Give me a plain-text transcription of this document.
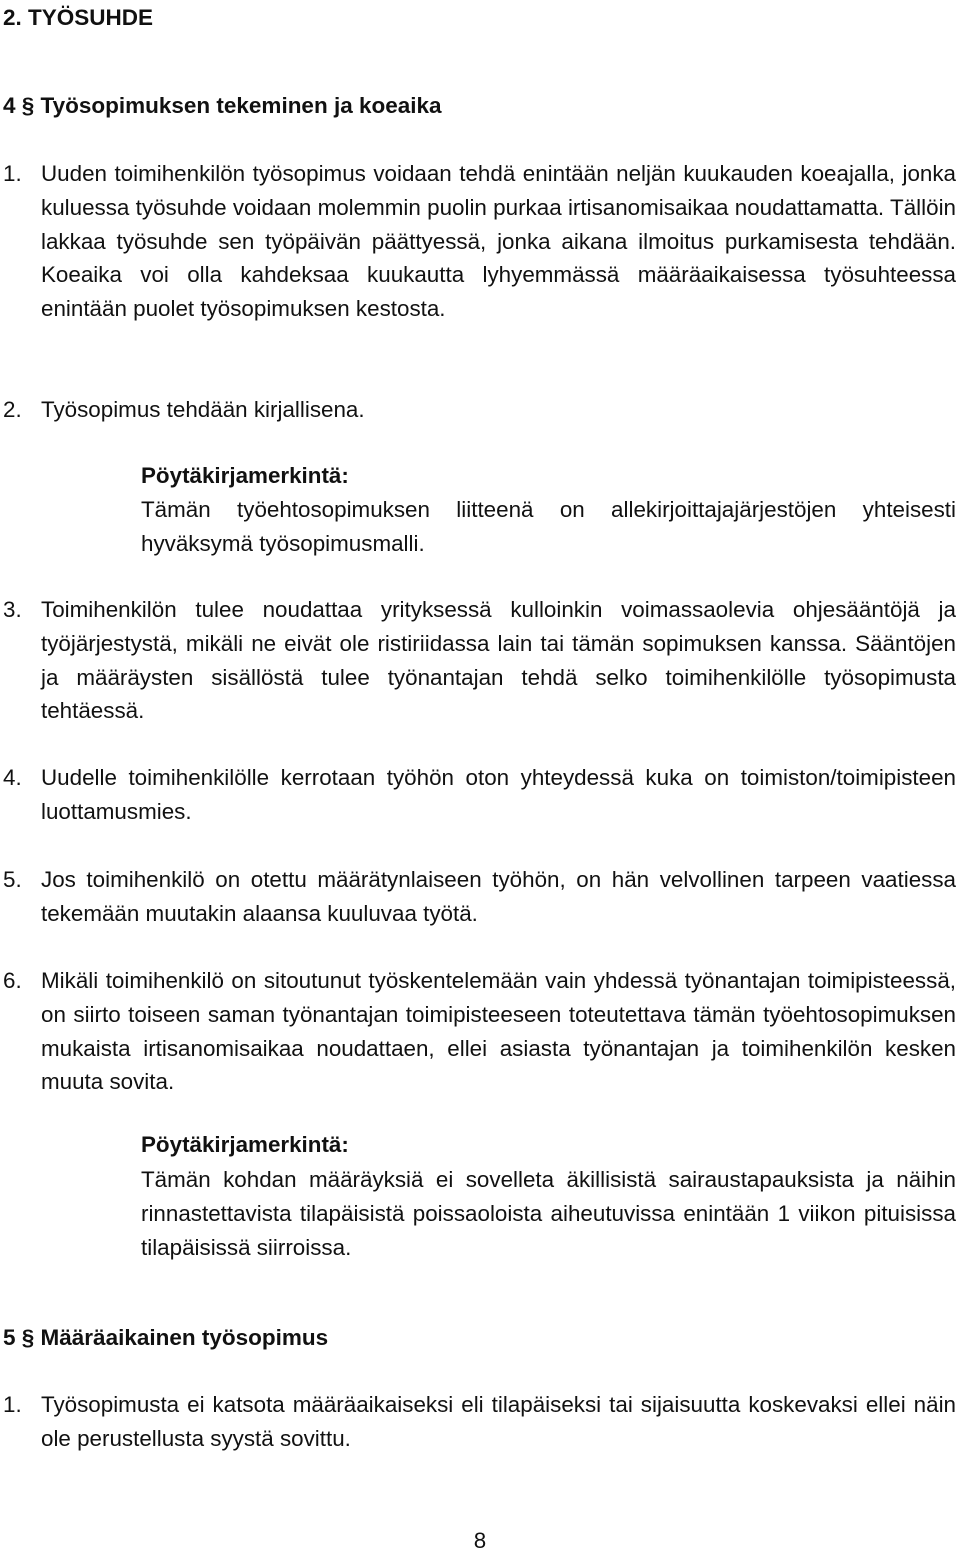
2. TYÖSUHDE
4 § Työsopimuksen tekeminen ja koeaika
1. Uuden toimihenkilön työsopimus voidaan tehdä enintään neljän kuukauden koeajalla, jonka kuluessa työsuhde voidaan molemmin puolin purkaa irtisanomisaikaa noudattamatta. Tällöin lakkaa työsuhde sen työpäivän päättyessä, jonka aikana ilmoitus purkamisesta tehdään. Koeaika voi olla kahdeksaa kuukautta lyhyemmässä määräaikaisessa työsuhteessa enintään puolet työsopimuksen kestosta.
2. Työsopimus tehdään kirjallisena.
Pöytäkirjamerkintä:
Tämän työehtosopimuksen liitteenä on allekirjoittajajärjestöjen yhteisesti hyväksymä työsopimusmalli.
3. Toimihenkilön tulee noudattaa yrityksessä kulloinkin voimassaolevia ohjesääntöjä ja työjärjestystä, mikäli ne eivät ole ristiriidassa lain tai tämän sopimuksen kanssa. Sääntöjen ja määräysten sisällöstä tulee työnantajan tehdä selko toimihenkilölle työsopimusta tehtäessä.
4. Uudelle toimihenkilölle kerrotaan työhön oton yhteydessä kuka on toimiston/toimipisteen luottamusmies.
5. Jos toimihenkilö on otettu määrätynlaiseen työhön, on hän velvollinen tarpeen vaatiessa tekemään muutakin alaansa kuuluvaa työtä.
6. Mikäli toimihenkilö on sitoutunut työskentelemään vain yhdessä työnantajan toimipisteessä, on siirto toiseen saman työnantajan toimipisteeseen toteutettava tämän työehtosopimuksen mukaista irtisanomisaikaa noudattaen, ellei asiasta työnantajan ja toimihenkilön kesken muuta sovita.
Pöytäkirjamerkintä:
Tämän kohdan määräyksiä ei sovelleta äkillisistä sairaustapauksista ja näihin rinnastettavista tilapäisistä poissaoloista aiheutuvissa enintään 1 viikon pituisissa tilapäisissä siirroissa.
5 § Määräaikainen työsopimus
1. Työsopimusta ei katsota määräaikaiseksi eli tilapäiseksi tai sijaisuutta koskevaksi ellei näin ole perustellusta syystä sovittu.
8
